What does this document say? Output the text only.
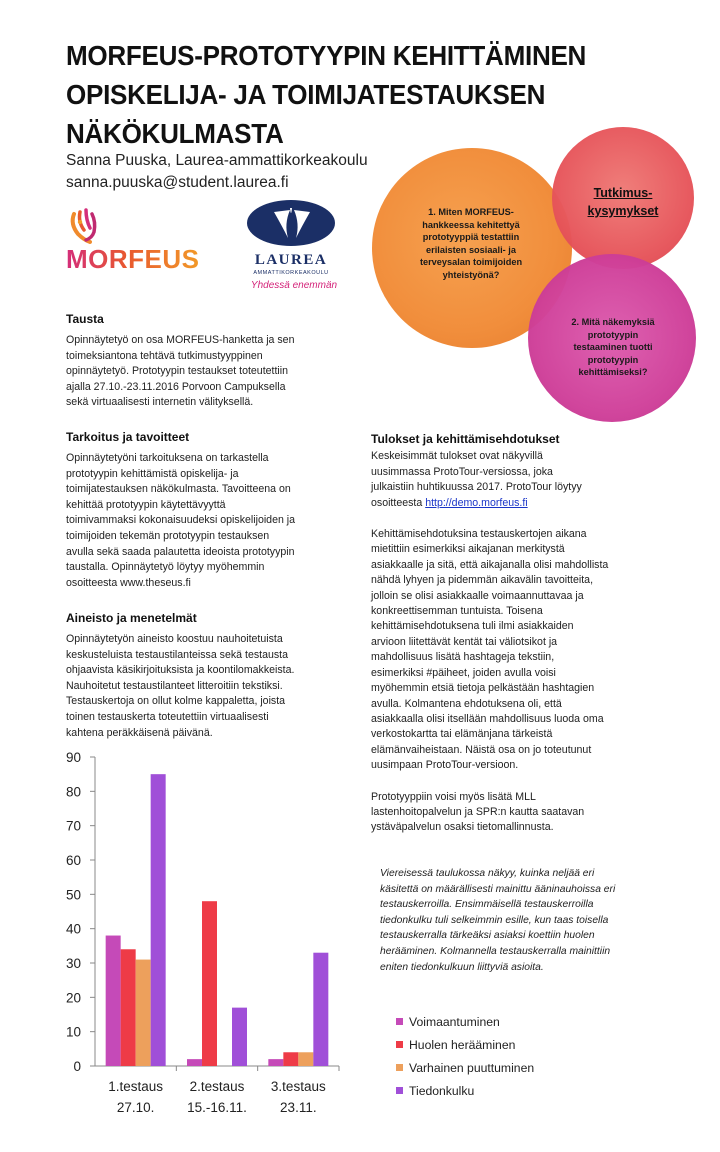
MORFEUS-PROTOTYYPIN KEHITTÄMINEN
OPISKELIJA- JA TOIMIJATESTAUKSEN
NÄKÖKULMASTA
Sanna Puuska, Laurea-ammattikorkeakoulu
sanna.puuska@student.laurea.fi
MORFEUS	LAUREA
AMMATTIKORKEAKOULU
Yhdessä enemmän
1. Miten MORFEUS-
hankkeessa kehitettyä
prototyyppiä testattiin
erilaisten sosiaali- ja
terveysalan toimijoiden
yhteistyönä?
Tutkimus-
kysymykset
2. Mitä näkemyksiä
prototyypin
testaaminen tuotti
prototyypin
kehittämiseksi?
Tausta

Opinnäytetyö on osa MORFEUS-hanketta ja sen
toimeksiantona tehtävä tutkimustyyppinen
opinnäytetyö. Prototyypin testaukset toteutettiin
ajalla 27.10.-23.11.2016 Porvoon Campuksella
sekä virtuaalisesti internetin välityksellä.

Tarkoitus ja tavoitteet

Opinnäytetyöni tarkoituksena on tarkastella
prototyypin kehittämistä opiskelija- ja
toimijatestauksen näkökulmasta. Tavoitteena on
kehittää prototyypin käytettävyyttä
toimivammaksi kokonaisuudeksi opiskelijoiden ja
toimijoiden tekemän prototyypin testauksen
avulla sekä saada palautetta ideoista prototyypin
taustalla. Opinnäytetyö löytyy myöhemmin
osoitteesta www.theseus.fi

Aineisto ja menetelmät

Opinnäytetyön aineisto koostuu nauhoitetuista
keskusteluista testaustilanteissa sekä testausta
ohjaavista käsikirjoituksista ja koontilomakkeista.
Nauhoitetut testaustilanteet litteroitiin tekstiksi.
Testauskertoja on ollut kolme kappaletta, joista
toinen testauskerta toteutettiin virtuaalisesti
kahtena peräkkäisenä päivänä.

Tulokset ja kehittämisehdotukset

Keskeisimmät tulokset ovat näkyvillä
uusimmassa ProtoTour-versiossa, joka
julkaistiin huhtikuussa 2017. ProtoTour löytyy
osoitteesta http://demo.morfeus.fi

Kehittämisehdotuksina testauskertojen aikana
mietittiin esimerkiksi aikajanan merkitystä
asiakkaalle ja sitä, että aikajanalla olisi mahdollista
nähdä lyhyen ja pidemmän aikavälin tavoitteita,
jolloin se olisi asiakkaalle voimaannuttavaa ja
konkreettisemman tuntuista. Toisena
kehittämisehdotuksena tuli ilmi asiakkaiden
arvioon liitettävät kentät tai väliotsikot ja
mahdollisuus lisätä hashtageja tekstiin,
esimerkiksi #päiheet, joiden avulla voisi
myöhemmin etsiä tietoja pelkästään hashtagien
avulla. Kolmantena ehdotuksena oli, että
asiakkaalla olisi itsellään mahdollisuus luoda oma
verkostokartta tai elämänjana tärkeistä
elämänvaiheistaan. Näistä osa on jo toteutunut
uusimpaan ProtoTour-versioon.

Prototyyppiin voisi myös lisätä MLL
lastenhoitopalvelun ja SPR:n kautta saatavan
ystäväpalvelun osaksi tietomallinnusta.

Viereisessä taulukossa näkyy, kuinka neljää eri
käsitettä on määrällisesti mainittu ääninauhoissa eri
testauskerroilla. Ensimmäisellä testauskerroilla
tiedonkulku tuli selkeimmin esille, kun taas toisella
testauskerralla tärkeäksi asiaksi koettiin huolen
herääminen. Kolmannella testauskerralla mainittiin
eniten tiedonkulkuun liittyviä asioita.
0
10
20
30
40
50
60
70
80
90
1.testaus
27.10.
2.testaus
15.-16.11.
3.testaus
23.11.
Voimaantuminen
Huolen herääminen
Varhainen puuttuminen
Tiedonkulku
